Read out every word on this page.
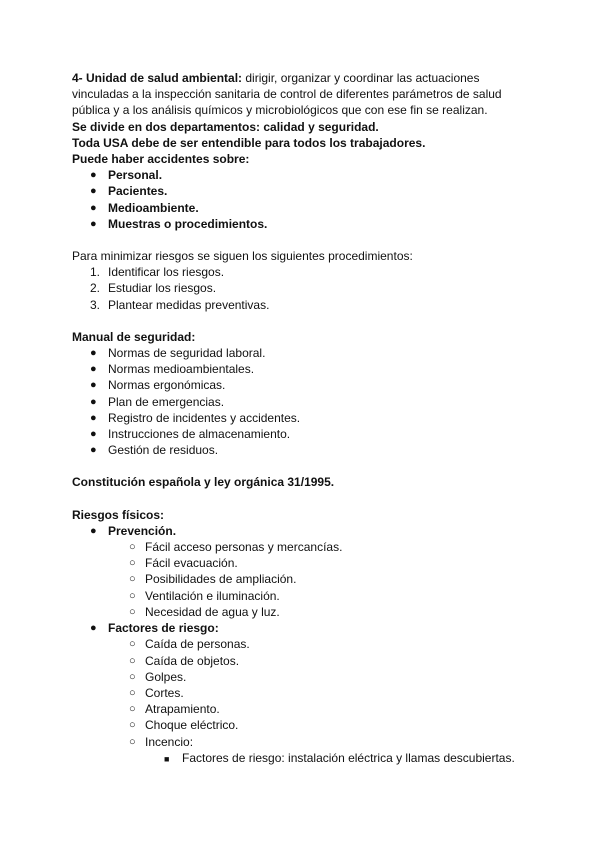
4- Unidad de salud ambiental: dirigir, organizar y coordinar las actuaciones vinculadas a la inspección sanitaria de control de diferentes parámetros de salud pública y a los análisis químicos y microbiológicos que con ese fin se realizan.

Se divide en dos departamentos: calidad y seguridad.

Toda USA debe de ser entendible para todos los trabajadores.

Puede haber accidentes sobre:

● Personal.
● Pacientes.
● Medioambiente.
● Muestras o procedimientos.

Para minimizar riesgos se siguen los siguientes procedimientos:

1. Identificar los riesgos.
2. Estudiar los riesgos.
3. Plantear medidas preventivas.

Manual de seguridad:

● Normas de seguridad laboral.
● Normas medioambientales.
● Normas ergonómicas.
● Plan de emergencias.
● Registro de incidentes y accidentes.
● Instrucciones de almacenamiento.
● Gestión de residuos.

Constitución española y ley orgánica 31/1995.

Riesgos físicos:

● Prevención.
○ Fácil acceso personas y mercancías.
○ Fácil evacuación.
○ Posibilidades de ampliación.
○ Ventilación e iluminación.
○ Necesidad de agua y luz.
● Factores de riesgo:
○ Caída de personas.
○ Caída de objetos.
○ Golpes.
○ Cortes.
○ Atrapamiento.
○ Choque eléctrico.
○ Incencio:
■ Factores de riesgo: instalación eléctrica y llamas descubiertas.
